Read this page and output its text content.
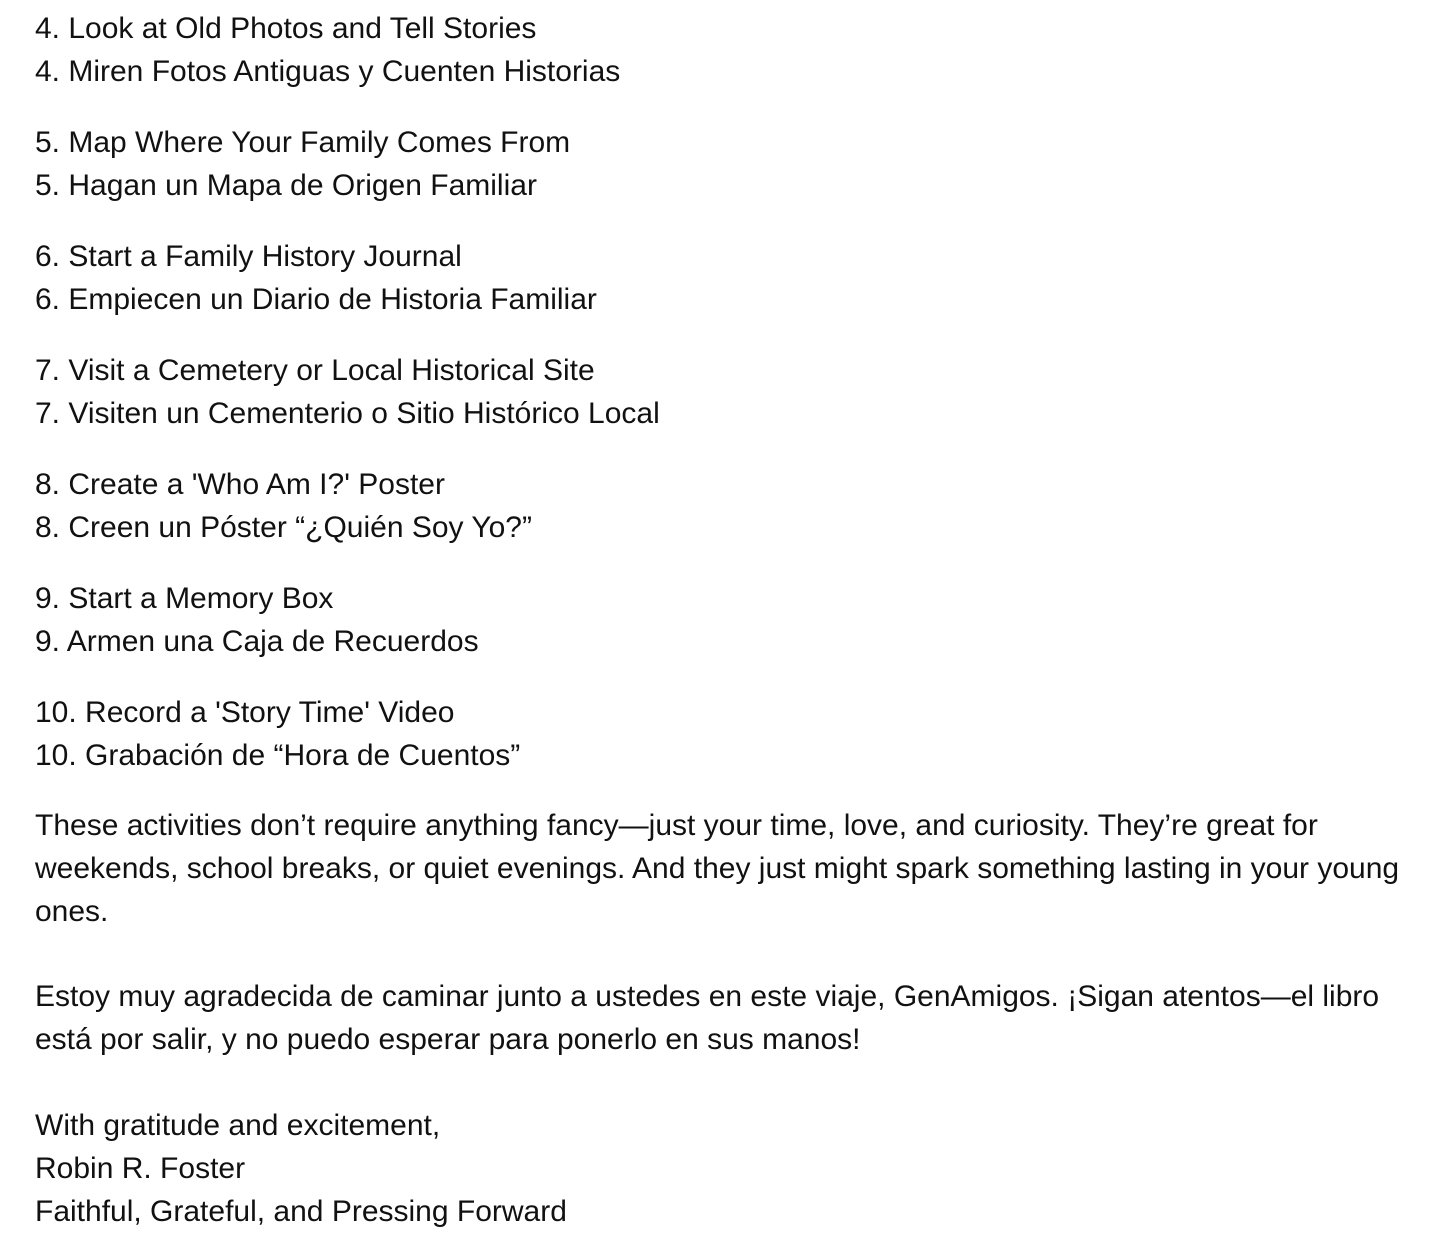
4. Look at Old Photos and Tell Stories
4. Miren Fotos Antiguas y Cuenten Historias
5. Map Where Your Family Comes From
5. Hagan un Mapa de Origen Familiar
6. Start a Family History Journal
6. Empiecen un Diario de Historia Familiar
7. Visit a Cemetery or Local Historical Site
7. Visiten un Cementerio o Sitio Histórico Local
8. Create a 'Who Am I?' Poster
8. Creen un Póster “¿Quién Soy Yo?”
9. Start a Memory Box
9. Armen una Caja de Recuerdos
10. Record a 'Story Time' Video
10. Grabación de “Hora de Cuentos”

These activities don’t require anything fancy—just your time, love, and curiosity. They’re great for weekends, school breaks, or quiet evenings. And they just might spark something lasting in your young ones.

Estoy muy agradecida de caminar junto a ustedes en este viaje, GenAmigos. ¡Sigan atentos—el libro está por salir, y no puedo esperar para ponerlo en sus manos!

With gratitude and excitement,
Robin R. Foster
Faithful, Grateful, and Pressing Forward
